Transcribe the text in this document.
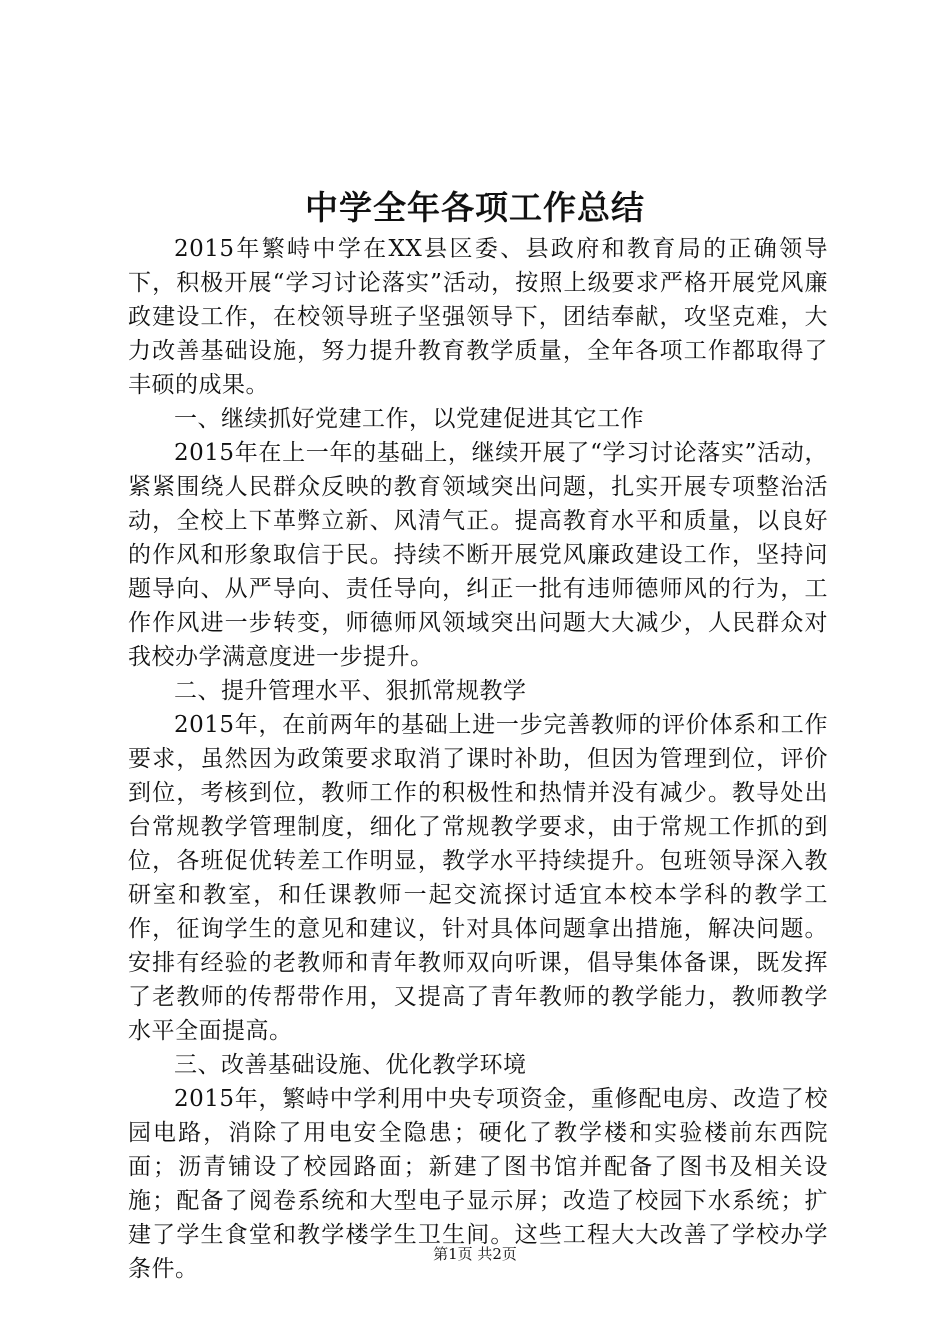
中学全年各项工作总结

2015年繁峙中学在XX县区委、县政府和教育局的正确领导下，积极开展“学习讨论落实”活动，按照上级要求严格开展党风廉政建设工作，在校领导班子坚强领导下，团结奉献，攻坚克难，大力改善基础设施，努力提升教育教学质量，全年各项工作都取得了丰硕的成果。

一、继续抓好党建工作，以党建促进其它工作

2015年在上一年的基础上，继续开展了“学习讨论落实”活动，紧紧围绕人民群众反映的教育领域突出问题，扎实开展专项整治活动，全校上下革弊立新、风清气正。提高教育水平和质量，以良好的作风和形象取信于民。持续不断开展党风廉政建设工作，坚持问题导向、从严导向、责任导向，纠正一批有违师德师风的行为，工作作风进一步转变，师德师风领域突出问题大大减少，人民群众对我校办学满意度进一步提升。

二、提升管理水平、狠抓常规教学

2015年，在前两年的基础上进一步完善教师的评价体系和工作要求，虽然因为政策要求取消了课时补助，但因为管理到位，评价到位，考核到位，教师工作的积极性和热情并没有减少。教导处出台常规教学管理制度，细化了常规教学要求，由于常规工作抓的到位，各班促优转差工作明显，教学水平持续提升。包班领导深入教研室和教室，和任课教师一起交流探讨适宜本校本学科的教学工作，征询学生的意见和建议，针对具体问题拿出措施，解决问题。安排有经验的老教师和青年教师双向听课，倡导集体备课，既发挥了老教师的传帮带作用，又提高了青年教师的教学能力，教师教学水平全面提高。

三、改善基础设施、优化教学环境

2015年，繁峙中学利用中央专项资金，重修配电房、改造了校园电路，消除了用电安全隐患；硬化了教学楼和实验楼前东西院面；沥青铺设了校园路面；新建了图书馆并配备了图书及相关设施；配备了阅卷系统和大型电子显示屏；改造了校园下水系统；扩建了学生食堂和教学楼学生卫生间。这些工程大大改善了学校办学条件。

第1页 共2页
